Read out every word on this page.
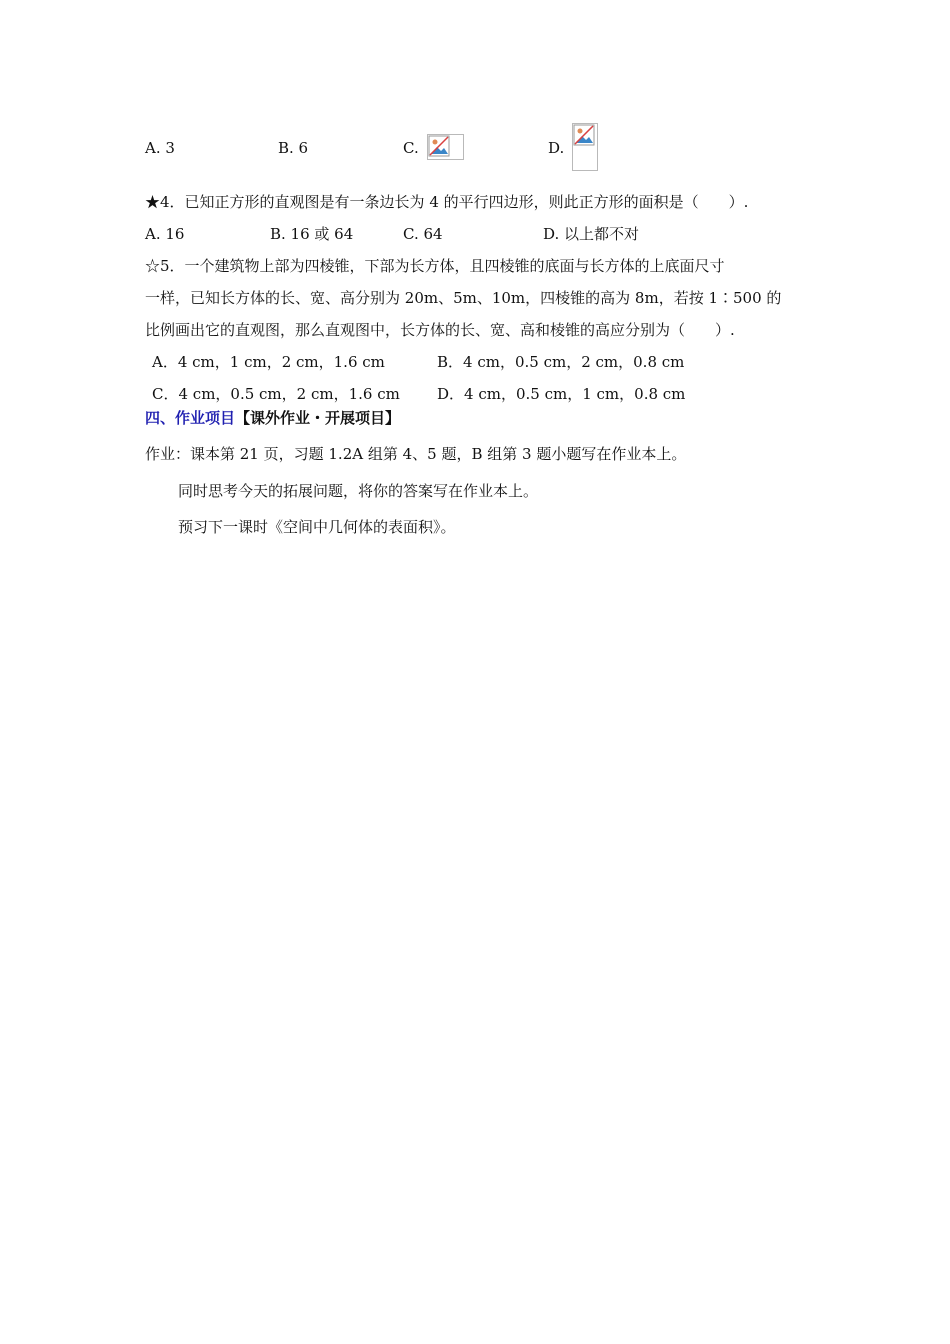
A. 3	B. 6	C.	D.
★4．已知正方形的直观图是有一条边长为 4 的平行四边形，则此正方形的面积是（　　）.
A. 16	B. 16 或 64	C. 64	D. 以上都不对
☆5．一个建筑物上部为四棱锥，下部为长方体，且四棱锥的底面与长方体的上底面尺寸
一样，已知长方体的长、宽、高分别为 20m、5m、10m，四棱锥的高为 8m，若按 1∶500 的
比例画出它的直观图，那么直观图中，长方体的长、宽、高和棱锥的高应分别为（　　）.
A．4 cm，1 cm，2 cm，1.6 cm	B．4 cm，0.5 cm，2 cm，0.8 cm
C．4 cm，0.5 cm，2 cm，1.6 cm D．4 cm，0.5 cm，1 cm，0.8 cm
四、作业项目【课外作业・开展项目】
作业：课本第 21 页，习题 1.2A 组第 4、5 题，B 组第 3 题小题写在作业本上。
同时思考今天的拓展问题，将你的答案写在作业本上。
预习下一课时《空间中几何体的表面积》。
